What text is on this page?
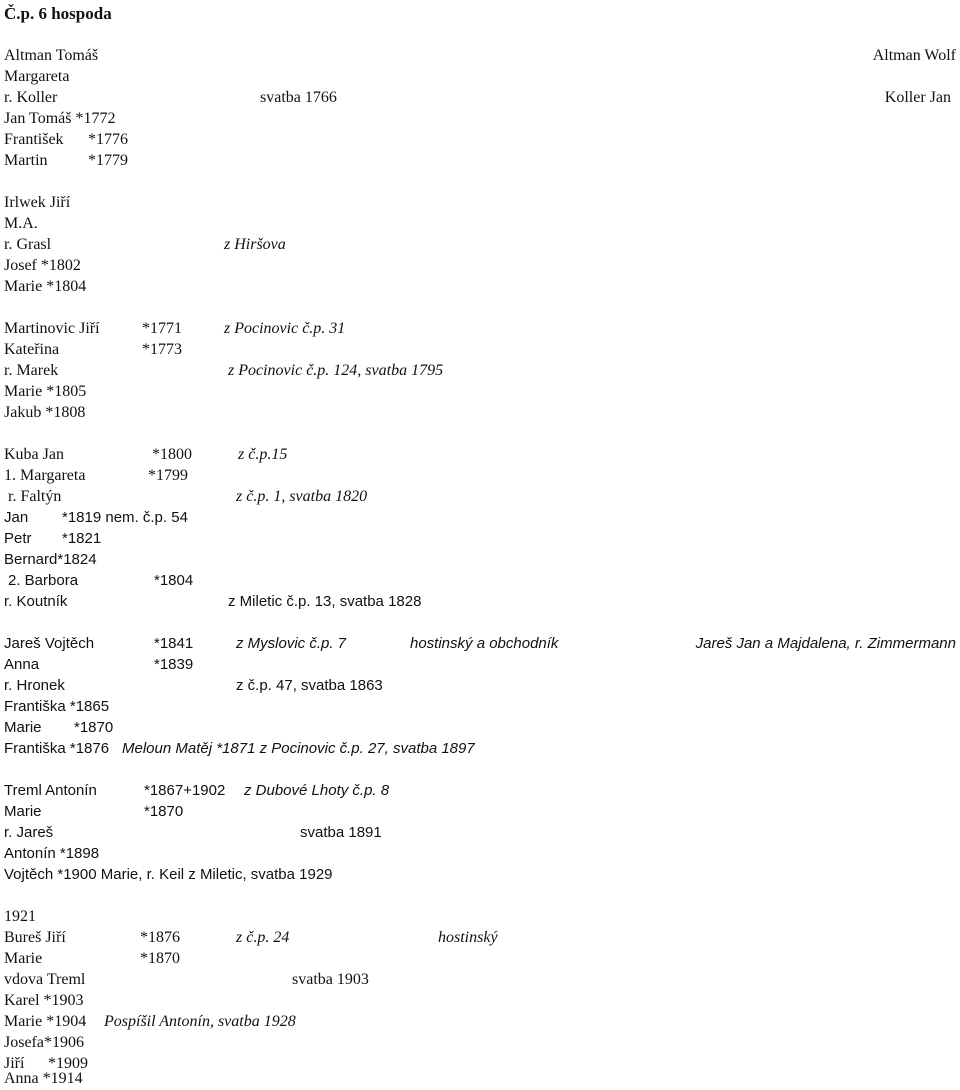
Č.p. 6 hospoda
Altman Tomáš	Altman Wolf
Margareta
r. Koller	svatba 1766	Koller Jan
Jan Tomáš *1772
František *1776
Martin	*1779
Irlwek Jiří
M.A.
r. Grasl	z Hiršova
Josef *1802
Marie *1804
Martinovic Jiří	*1771	z Pocinovic č.p. 31
Kateřina	*1773
r. Marek	z Pocinovic č.p. 124, svatba 1795
Marie *1805
Jakub *1808
Kuba Jan	*1800	z č.p.15
1. Margareta	*1799
r. Faltýn	z č.p. 1, svatba 1820
Jan *1819 nem. č.p. 54
Petr *1821
Bernard*1824
2. Barbora	*1804
r. Koutník	z Miletic č.p. 13, svatba 1828
Jareš Vojtěch	*1841	z Myslovic č.p. 7	hostinský a obchodník	Jareš Jan a Majdalena, r. Zimmermann
Anna	*1839
r. Hronek	z č.p. 47, svatba 1863
Františka *1865
Marie *1870
Františka *1876 Meloun Matěj *1871 z Pocinovic č.p. 27, svatba 1897
Treml Antonín	*1867+1902 z Dubové Lhoty č.p. 8
Marie	*1870
r. Jareš	svatba 1891
Antonín *1898
Vojtěch *1900 Marie, r. Keil z Miletic, svatba 1929
1921
Bureš Jiří	*1876	z č.p. 24	hostinský
Marie	*1870
vdova Treml	svatba 1903
Karel *1903
Marie *1904 Pospíšil Antonín, svatba 1928
Josefa*1906
Jiří *1909
Anna *1914
